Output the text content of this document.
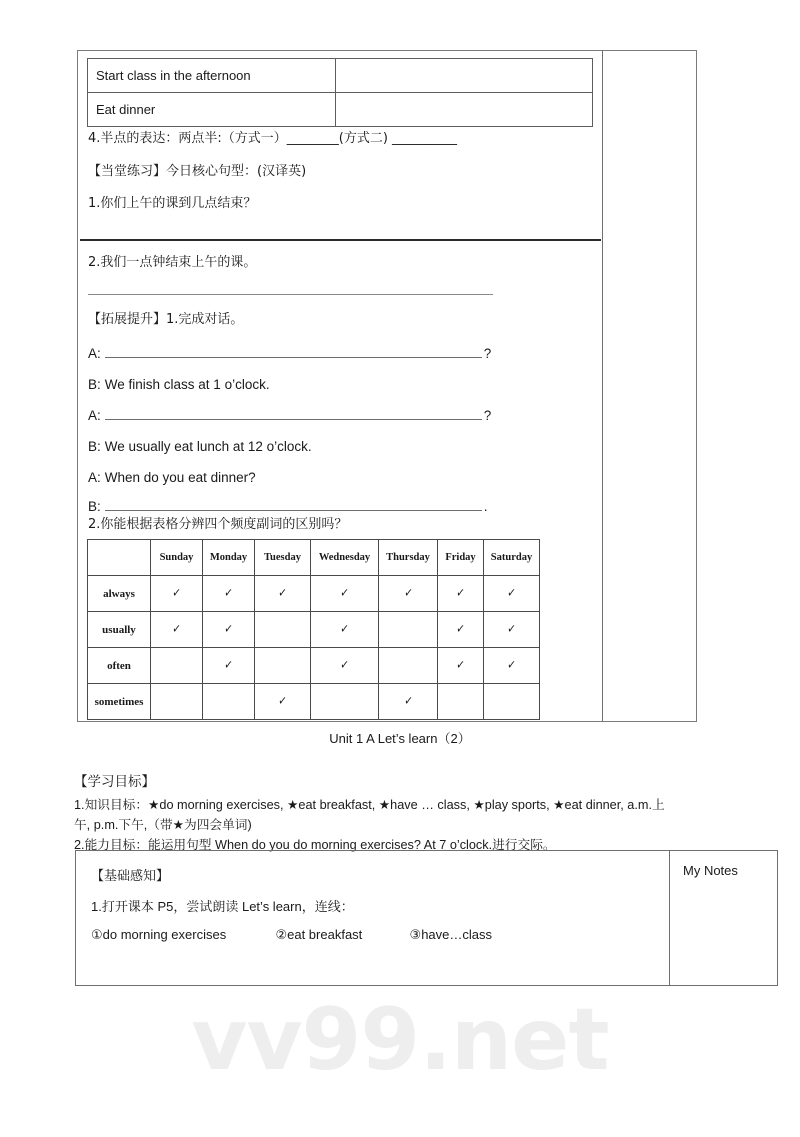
vv99.net
Start class in the afternoon	
Eat dinner	
4.半点的表达：两点半:（方式一）________(方式二) __________
【当堂练习】今日核心句型：(汉译英)
1.你们上午的课到几点结束？
2.我们一点钟结束上午的课。
【拓展提升】1.完成对话。
A:	?
B: We finish class at 1 o’clock.
A:	?
B: We usually eat lunch at 12 o’clock.
A: When do you eat dinner?
B:	.
2.你能根据表格分辨四个频度副词的区别吗？
	Sunday	Monday	Tuesday	Wednesday	Thursday	Friday	Saturday
always	✓	✓	✓	✓	✓	✓	✓
usually	✓	✓		✓		✓	✓
often		✓		✓		✓	✓
sometimes			✓		✓		
Unit 1 A Let’s learn（2）
【学习目标】
1.知识目标：★do morning exercises, ★eat breakfast, ★have … class, ★play sports, ★eat dinner, a.m.上
午, p.m.下午,（带★为四会单词)
2.能力目标：能运用句型 When do you do morning exercises? At 7 o’clock.进行交际。
【基础感知】
1.打开课本 P5，尝试朗读 Let’s learn，连线：
①do morning exercises	②eat breakfast	③have…class
My Notes
